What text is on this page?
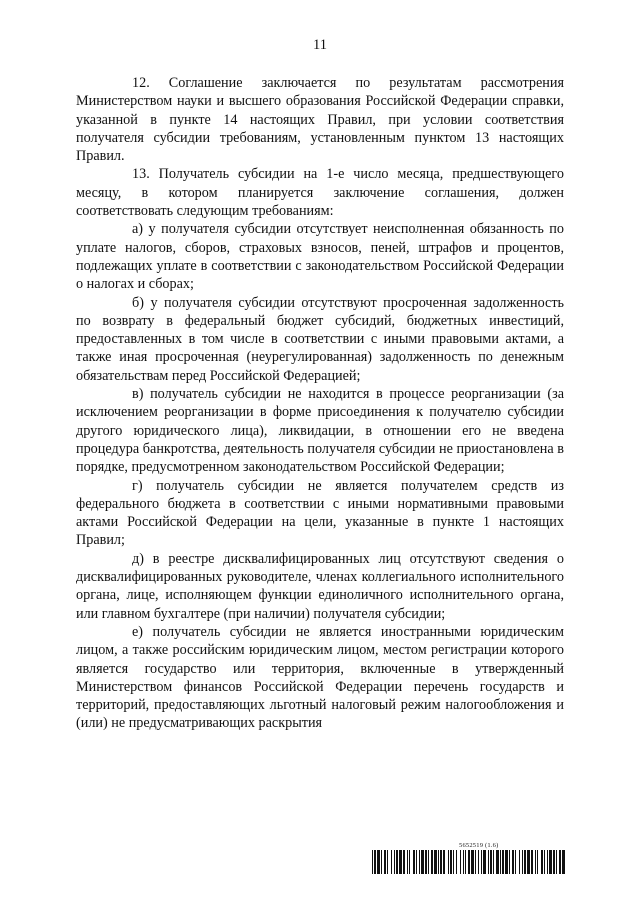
11

12. Соглашение заключается по результатам рассмотрения Министерством науки и высшего образования Российской Федерации справки, указанной в пункте 14 настоящих Правил, при условии соответствия получателя субсидии требованиям, установленным пунктом 13 настоящих Правил.

13. Получатель субсидии на 1-е число месяца, предшествующего месяцу, в котором планируется заключение соглашения, должен соответствовать следующим требованиям:

а) у получателя субсидии отсутствует неисполненная обязанность по уплате налогов, сборов, страховых взносов, пеней, штрафов и процентов, подлежащих уплате в соответствии с законодательством Российской Федерации о налогах и сборах;

б) у получателя субсидии отсутствуют просроченная задолженность по возврату в федеральный бюджет субсидий, бюджетных инвестиций, предоставленных в том числе в соответствии с иными правовыми актами, а также иная просроченная (неурегулированная) задолженность по денежным обязательствам перед Российской Федерацией;

в) получатель субсидии не находится в процессе реорганизации (за исключением реорганизации в форме присоединения к получателю субсидии другого юридического лица), ликвидации, в отношении его не введена процедура банкротства, деятельность получателя субсидии не приостановлена в порядке, предусмотренном законодательством Российской Федерации;

г) получатель субсидии не является получателем средств из федерального бюджета в соответствии с иными нормативными правовыми актами Российской Федерации на цели, указанные в пункте 1 настоящих Правил;

д) в реестре дисквалифицированных лиц отсутствуют сведения о дисквалифицированных руководителе, членах коллегиального исполнительного органа, лице, исполняющем функции единоличного исполнительного органа, или главном бухгалтере (при наличии) получателя субсидии;

е) получатель субсидии не является иностранными юридическим лицом, а также российским юридическим лицом, местом регистрации которого является государство или территория, включенные в утвержденный Министерством финансов Российской Федерации перечень государств и территорий, предоставляющих льготный налоговый режим налогообложения и (или) не предусматривающих раскрытия

5652519 (1.6)
